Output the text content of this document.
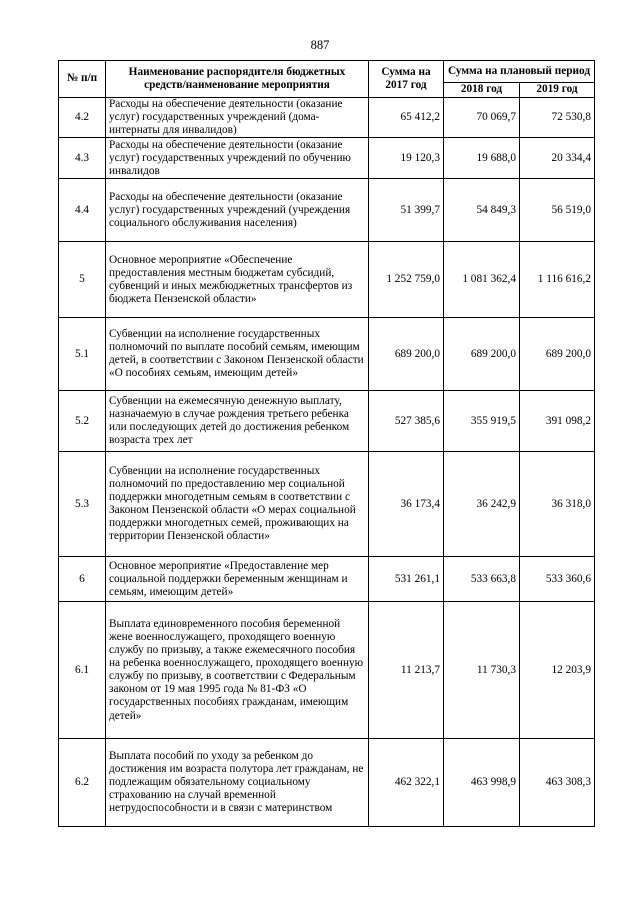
887
№ п/п	Наименование распорядителя бюджетных средств/наименование мероприятия	Сумма на 2017 год	Сумма на плановый период	
			2018 год	2019 год
4.2	Расходы на обеспечение деятельности (оказание услуг) государственных учреждений (дома-интернаты для инвалидов)	65 412,2	70 069,7	72 530,8
4.3	Расходы на обеспечение деятельности (оказание услуг) государственных учреждений по обучению инвалидов	19 120,3	19 688,0	20 334,4
4.4	Расходы на обеспечение деятельности (оказание услуг) государственных учреждений (учреждения социального обслуживания населения)	51 399,7	54 849,3	56 519,0
5	Основное мероприятие «Обеспечение предоставления местным бюджетам субсидий, субвенций и иных межбюджетных трансфертов из бюджета Пензенской области»	1 252 759,0	1 081 362,4	1 116 616,2
5.1	Субвенции на исполнение государственных полномочий по выплате пособий семьям, имеющим детей, в соответствии с Законом Пензенской области «О пособиях семьям, имеющим детей»	689 200,0	689 200,0	689 200,0
5.2	Субвенции на ежемесячную денежную выплату, назначаемую в случае рождения третьего ребенка или последующих детей до достижения ребенком возраста трех лет	527 385,6	355 919,5	391 098,2
5.3	Субвенции на исполнение государственных полномочий по предоставлению мер социальной поддержки многодетным семьям в соответствии с Законом Пензенской области «О мерах социальной поддержки многодетных семей, проживающих на территории Пензенской области»	36 173,4	36 242,9	36 318,0
6	Основное мероприятие «Предоставление мер социальной поддержки беременным женщинам и семьям, имеющим детей»	531 261,1	533 663,8	533 360,6
6.1	Выплата единовременного пособия беременной жене военнослужащего, проходящего военную службу по призыву, а также ежемесячного пособия на ребенка военнослужащего, проходящего военную службу по призыву, в соответствии с Федеральным законом от 19 мая 1995 года № 81-ФЗ «О государственных пособиях гражданам, имеющим детей»	11 213,7	11 730,3	12 203,9
6.2	Выплата пособий по уходу за ребенком до достижения им возраста полутора лет гражданам, не подлежащим обязательному социальному страхованию на случай временной нетрудоспособности и в связи с материнством	462 322,1	463 998,9	463 308,3
